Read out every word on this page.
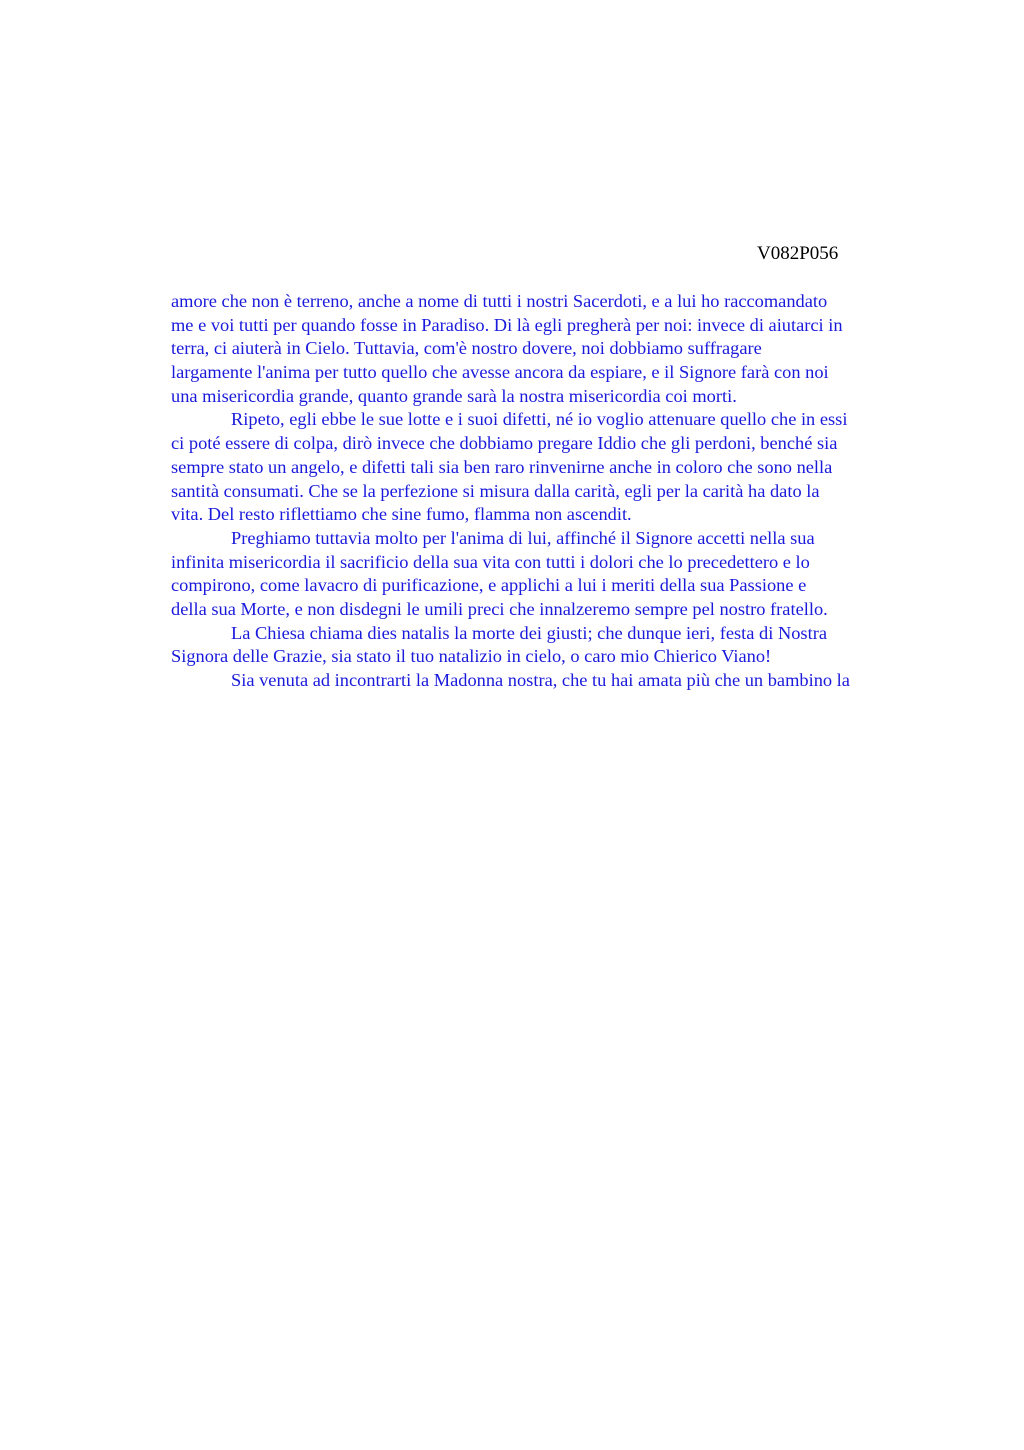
V082P056
amore che non è terreno, anche a nome di tutti i nostri Sacerdoti, e a lui ho raccomandato
me e voi tutti per quando fosse in Paradiso. Di là egli pregherà per noi: invece di aiutarci in
terra, ci aiuterà in Cielo. Tuttavia, com'è nostro dovere, noi dobbiamo suffragare
largamente l'anima per tutto quello che avesse ancora da espiare, e il Signore farà con noi
una misericordia grande, quanto grande sarà la nostra misericordia coi morti.
Ripeto, egli ebbe le sue lotte e i suoi difetti, né io voglio attenuare quello che in essi
ci poté essere di colpa, dirò invece che dobbiamo pregare Iddio che gli perdoni, benché sia
sempre stato un angelo, e difetti tali sia ben raro rinvenirne anche in coloro che sono nella
santità consumati. Che se la perfezione si misura dalla carità, egli per la carità ha dato la
vita. Del resto riflettiamo che sine fumo, flamma non ascendit.
Preghiamo tuttavia molto per l'anima di lui, affinché il Signore accetti nella sua
infinita misericordia il sacrificio della sua vita con tutti i dolori che lo precedettero e lo
compirono, come lavacro di purificazione, e applichi a lui i meriti della sua Passione e
della sua Morte, e non disdegni le umili preci che innalzeremo sempre pel nostro fratello.
La Chiesa chiama dies natalis la morte dei giusti; che dunque ieri, festa di Nostra
Signora delle Grazie, sia stato il tuo natalizio in cielo, o caro mio Chierico Viano!
Sia venuta ad incontrarti la Madonna nostra, che tu hai amata più che un bambino la
